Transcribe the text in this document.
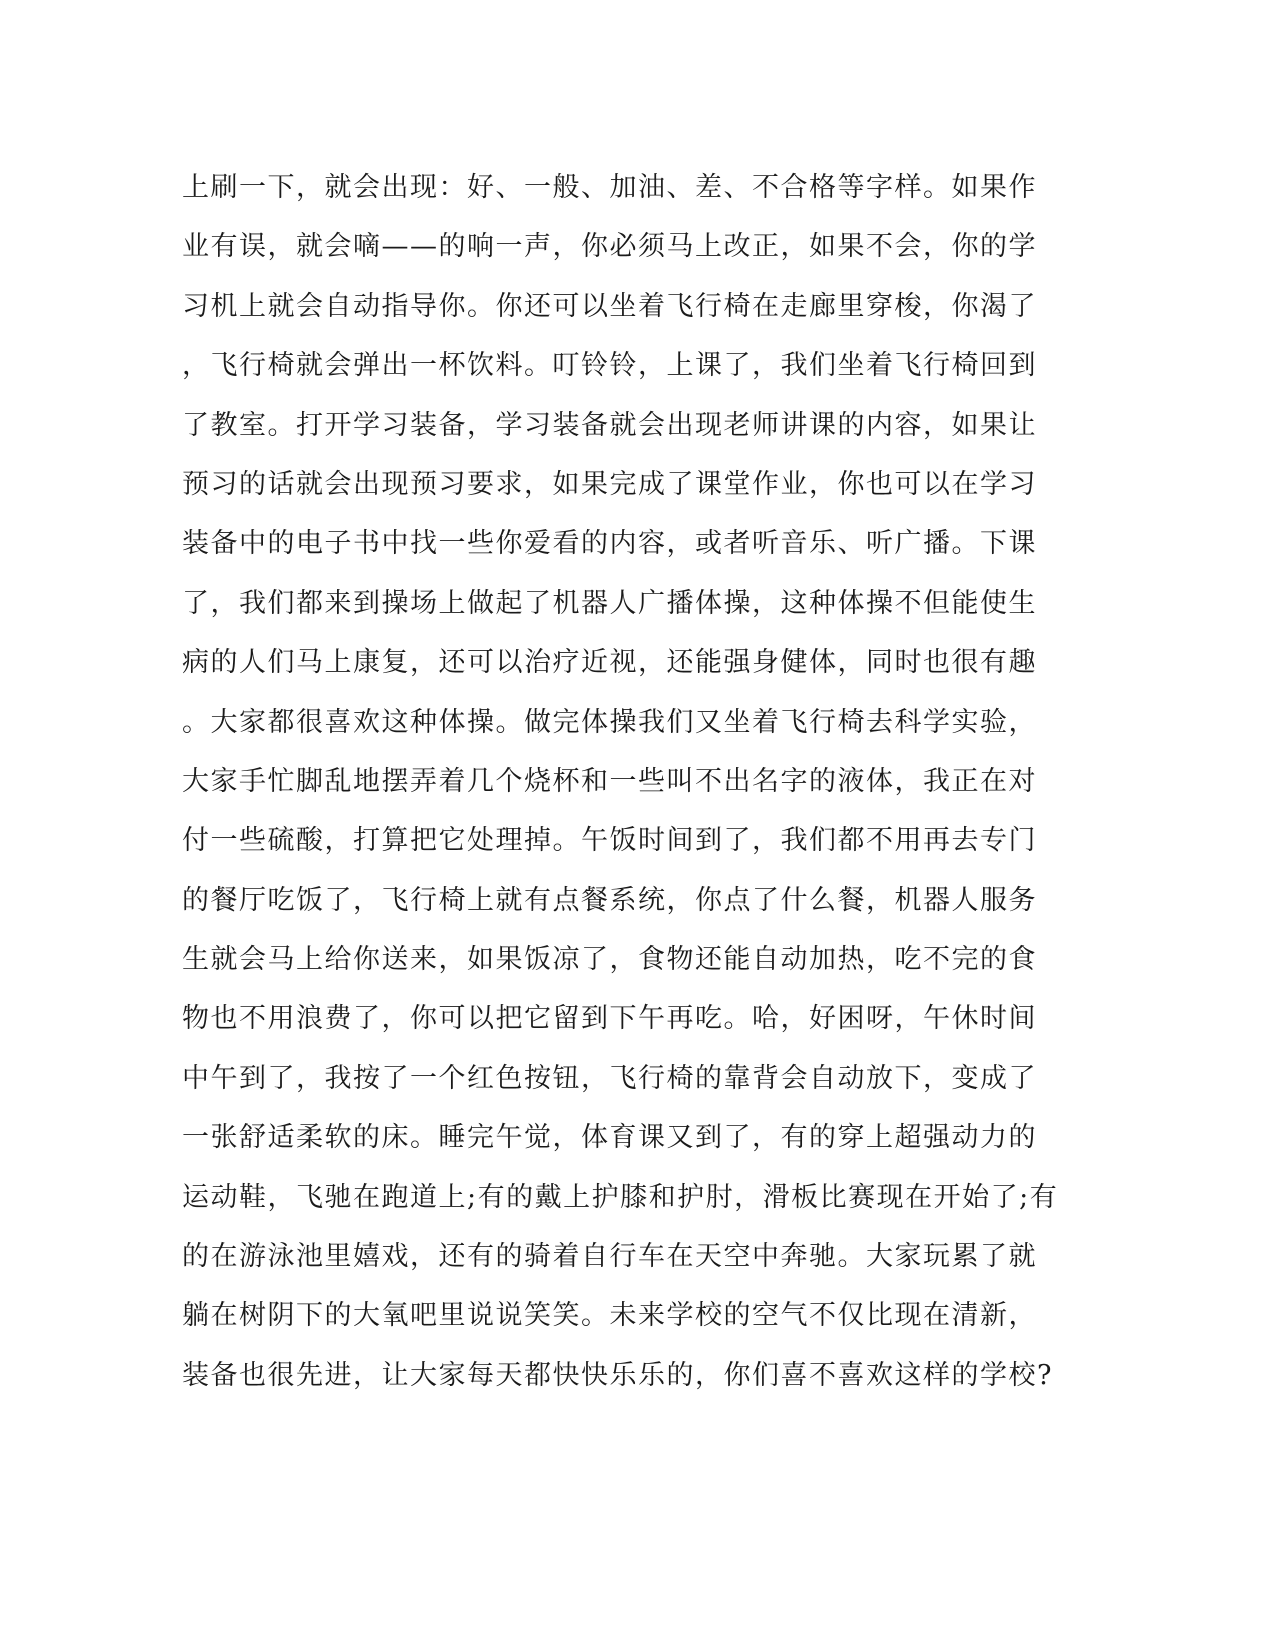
上刷一下，就会出现：好、一般、加油、差、不合格等字样。如果作
业有误，就会嘀——的响一声，你必须马上改正，如果不会，你的学
习机上就会自动指导你。你还可以坐着飞行椅在走廊里穿梭，你渴了
，飞行椅就会弹出一杯饮料。叮铃铃，上课了，我们坐着飞行椅回到
了教室。打开学习装备，学习装备就会出现老师讲课的内容，如果让
预习的话就会出现预习要求，如果完成了课堂作业，你也可以在学习
装备中的电子书中找一些你爱看的内容，或者听音乐、听广播。下课
了，我们都来到操场上做起了机器人广播体操，这种体操不但能使生
病的人们马上康复，还可以治疗近视，还能强身健体，同时也很有趣
。大家都很喜欢这种体操。做完体操我们又坐着飞行椅去科学实验，
大家手忙脚乱地摆弄着几个烧杯和一些叫不出名字的液体，我正在对
付一些硫酸，打算把它处理掉。午饭时间到了，我们都不用再去专门
的餐厅吃饭了，飞行椅上就有点餐系统，你点了什么餐，机器人服务
生就会马上给你送来，如果饭凉了，食物还能自动加热，吃不完的食
物也不用浪费了，你可以把它留到下午再吃。哈，好困呀，午休时间
中午到了，我按了一个红色按钮，飞行椅的靠背会自动放下，变成了
一张舒适柔软的床。睡完午觉，体育课又到了，有的穿上超强动力的
运动鞋，飞驰在跑道上;有的戴上护膝和护肘，滑板比赛现在开始了;有
的在游泳池里嬉戏，还有的骑着自行车在天空中奔驰。大家玩累了就
躺在树阴下的大氧吧里说说笑笑。未来学校的空气不仅比现在清新，
装备也很先进，让大家每天都快快乐乐的，你们喜不喜欢这样的学校?
